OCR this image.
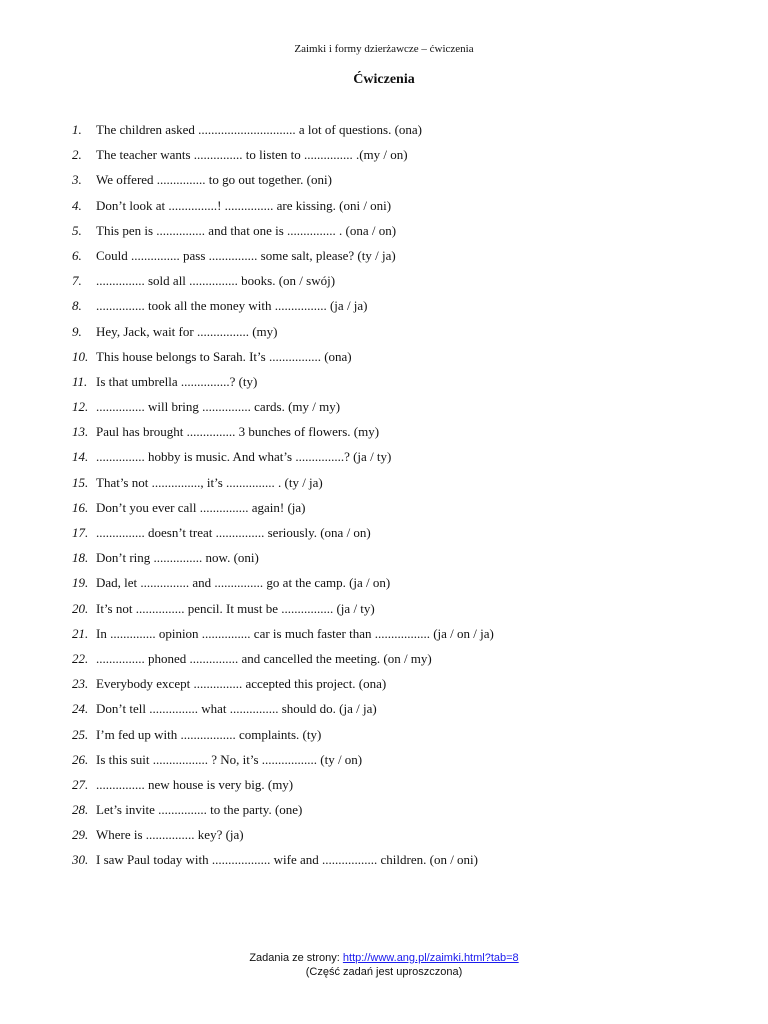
Zaimki i formy dzierżawcze – ćwiczenia
Ćwiczenia
1. The children asked .............................. a lot of questions. (ona)
2. The teacher wants ............... to listen to ............... .(my / on)
3. We offered ............... to go out together. (oni)
4. Don’t look at ...............! ............... are kissing. (oni / oni)
5. This pen is ............... and that one is ............... . (ona / on)
6. Could ............... pass ............... some salt, please? (ty / ja)
7. ............... sold all ............... books. (on / swój)
8. ............... took all the money with ................ (ja / ja)
9. Hey, Jack, wait for ................ (my)
10. This house belongs to Sarah. It’s ................ (ona)
11. Is that umbrella ...............? (ty)
12. ............... will bring ............... cards. (my / my)
13. Paul has brought ............... 3 bunches of flowers. (my)
14. ............... hobby is music. And what’s ...............? (ja / ty)
15. That’s not ..............., it’s ............... . (ty / ja)
16. Don’t you ever call ............... again! (ja)
17. ............... doesn’t treat ............... seriously. (ona / on)
18. Don’t ring ............... now. (oni)
19. Dad, let ............... and ............... go at the camp. (ja / on)
20. It’s not ............... pencil. It must be ................ (ja / ty)
21. In .............. opinion ............... car is much faster than ................. (ja / on / ja)
22. ............... phoned ............... and cancelled the meeting. (on / my)
23. Everybody except ............... accepted this project. (ona)
24. Don’t tell ............... what ............... should do. (ja / ja)
25. I’m fed up with ................. complaints. (ty)
26. Is this suit ................. ? No, it’s ................. (ty / on)
27. ............... new house is very big. (my)
28. Let’s invite ............... to the party. (one)
29. Where is ............... key? (ja)
30. I saw Paul today with .................. wife and ................. children. (on / oni)
Zadania ze strony: http://www.ang.pl/zaimki.html?tab=8
(Część zadań jest uproszczona)
